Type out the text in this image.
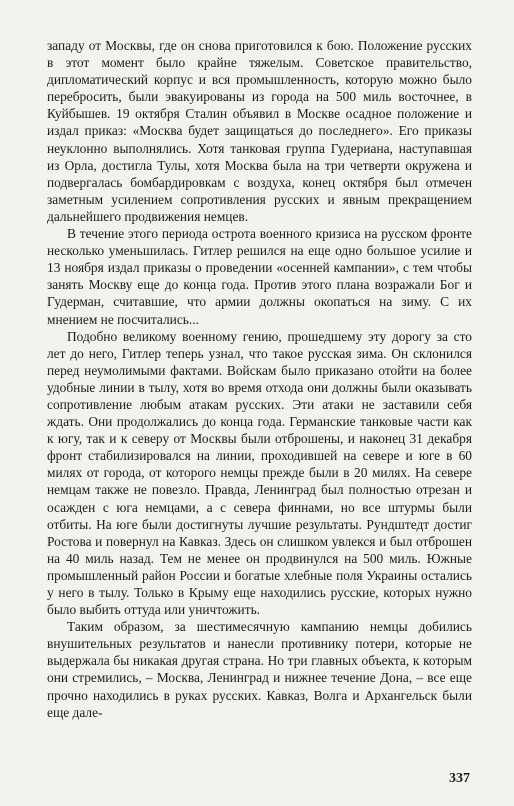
западу от Москвы, где он снова приготовился к бою. Положение русских в этот момент было крайне тяжелым. Советское правительство, дипломатический корпус и вся промышленность, которую можно было перебросить, были эвакуированы из города на 500 миль восточнее, в Куйбышев. 19 октября Сталин объявил в Москве осадное положение и издал приказ: «Москва будет защищаться до последнего». Его приказы неуклонно выполнялись. Хотя танковая группа Гудериана, наступавшая из Орла, достигла Тулы, хотя Москва была на три четверти окружена и подвергалась бомбардировкам с воздуха, конец октября был отмечен заметным усилением сопротивления русских и явным прекращением дальнейшего продвижения немцев.

В течение этого периода острота военного кризиса на русском фронте несколько уменьшилась. Гитлер решился на еще одно большое усилие и 13 ноября издал приказы о проведении «осенней кампании», с тем чтобы занять Москву еще до конца года. Против этого плана возражали Бог и Гудерман, считавшие, что армии должны окопаться на зиму. С их мнением не посчитались...

Подобно великому военному гению, прошедшему эту дорогу за сто лет до него, Гитлер теперь узнал, что такое русская зима. Он склонился перед неумолимыми фактами. Войскам было приказано отойти на более удобные линии в тылу, хотя во время отхода они должны были оказывать сопротивление любым атакам русских. Эти атаки не заставили себя ждать. Они продолжались до конца года. Германские танковые части как к югу, так и к северу от Москвы были отброшены, и наконец 31 декабря фронт стабилизировался на линии, проходившей на севере и юге в 60 милях от города, от которого немцы прежде были в 20 милях. На севере немцам также не повезло. Правда, Ленинград был полностью отрезан и осажден с юга немцами, а с севера финнами, но все штурмы были отбиты. На юге были достигнуты лучшие результаты. Рундштедт достиг Ростова и повернул на Кавказ. Здесь он слишком увлекся и был отброшен на 40 миль назад. Тем не менее он продвинулся на 500 миль. Южные промышленный район России и богатые хлебные поля Украины остались у него в тылу. Только в Крыму еще находились русские, которых нужно было выбить оттуда или уничтожить.

Таким образом, за шестимесячную кампанию немцы добились внушительных результатов и нанесли противнику потери, которые не выдержала бы никакая другая страна. Но три главных объекта, к которым они стремились, – Москва, Ленинград и нижнее течение Дона, – все еще прочно находились в руках русских. Кавказ, Волга и Архангельск были еще дале-

337
